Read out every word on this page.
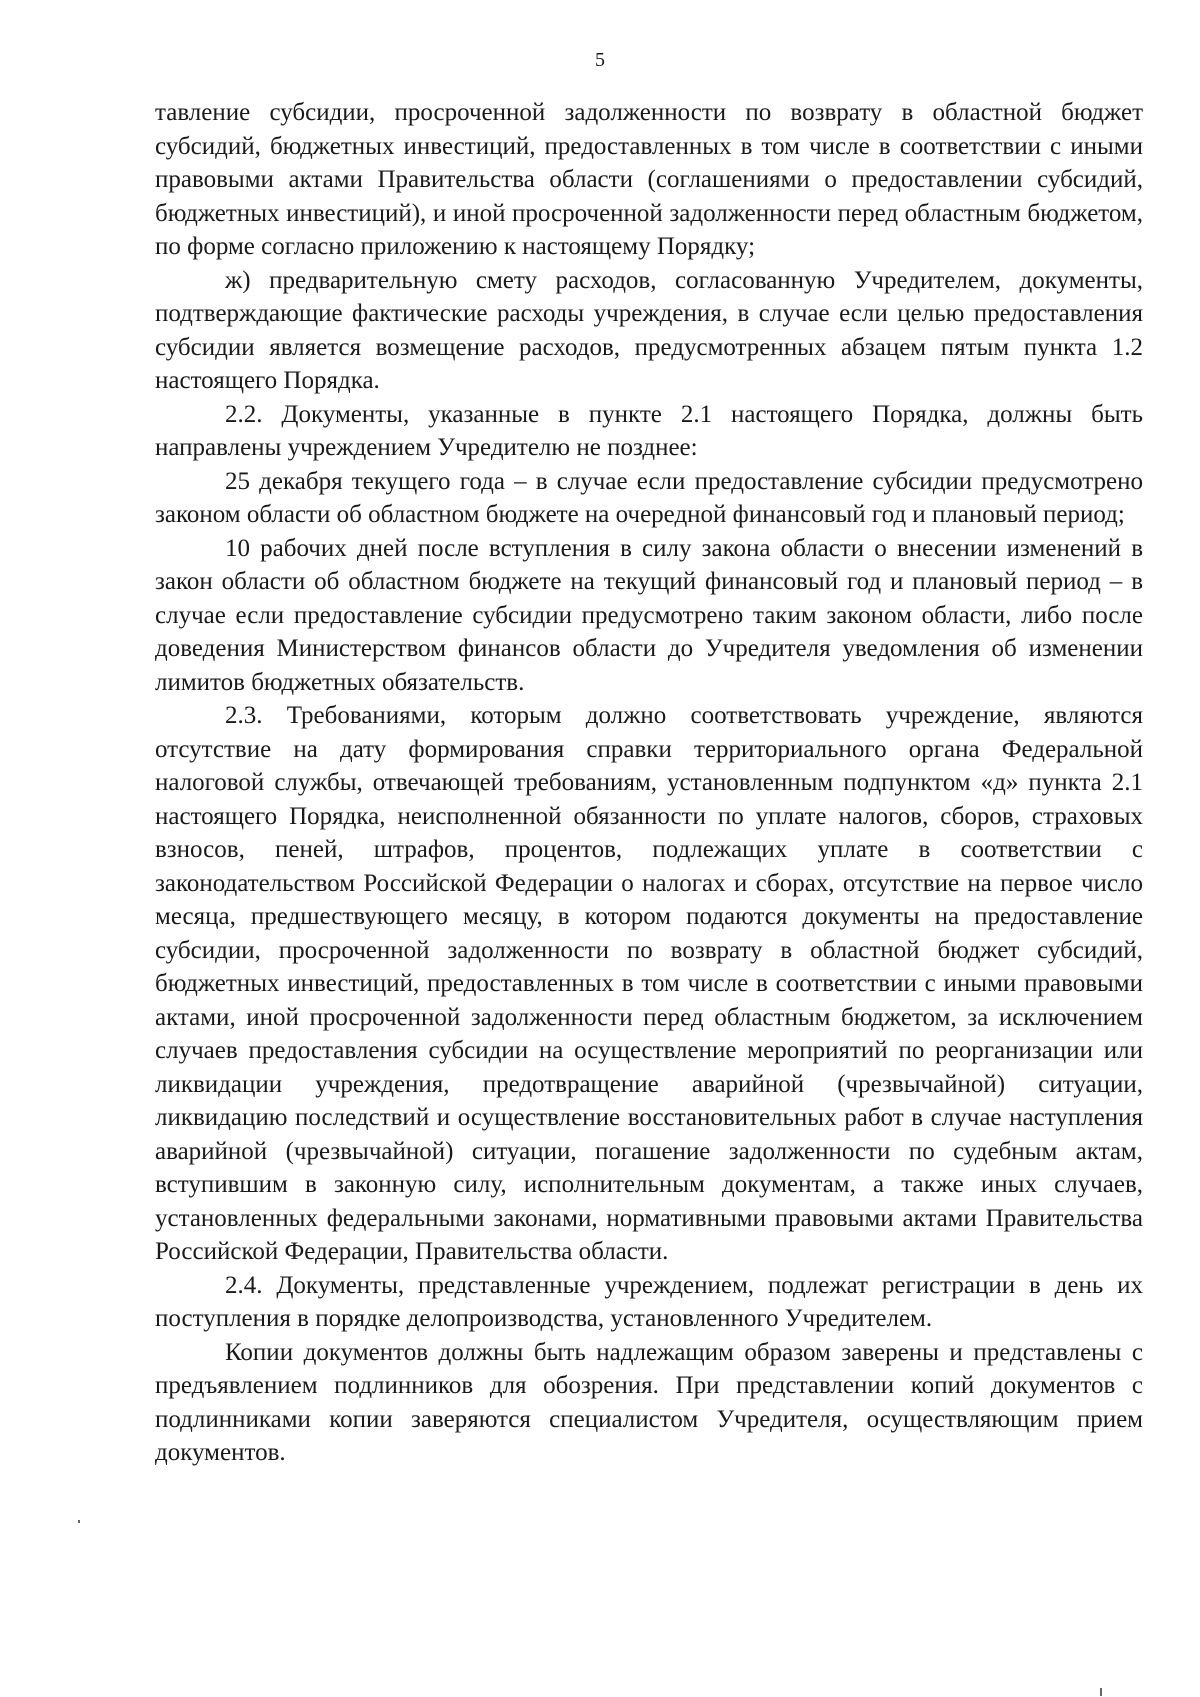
5

тавление субсидии, просроченной задолженности по возврату в областной бюджет субсидий, бюджетных инвестиций, предоставленных в том числе в соответствии с иными правовыми актами Правительства области (соглашениями о предоставлении субсидий, бюджетных инвестиций), и иной просроченной задолженности перед областным бюджетом, по форме согласно приложению к настоящему Порядку;

ж) предварительную смету расходов, согласованную Учредителем, документы, подтверждающие фактические расходы учреждения, в случае если целью предоставления субсидии является возмещение расходов, предусмотренных абзацем пятым пункта 1.2 настоящего Порядка.

2.2. Документы, указанные в пункте 2.1 настоящего Порядка, должны быть направлены учреждением Учредителю не позднее:

25 декабря текущего года – в случае если предоставление субсидии предусмотрено законом области об областном бюджете на очередной финансовый год и плановый период;

10 рабочих дней после вступления в силу закона области о внесении изменений в закон области об областном бюджете на текущий финансовый год и плановый период – в случае если предоставление субсидии предусмотрено таким законом области, либо после доведения Министерством финансов области до Учредителя уведомления об изменении лимитов бюджетных обязательств.

2.3. Требованиями, которым должно соответствовать учреждение, являются отсутствие на дату формирования справки территориального органа Федеральной налоговой службы, отвечающей требованиям, установленным подпунктом «д» пункта 2.1 настоящего Порядка, неисполненной обязанности по уплате налогов, сборов, страховых взносов, пеней, штрафов, процентов, подлежащих уплате в соответствии с законодательством Российской Федерации о налогах и сборах, отсутствие на первое число месяца, предшествующего месяцу, в котором подаются документы на предоставление субсидии, просроченной задолженности по возврату в областной бюджет субсидий, бюджетных инвестиций, предоставленных в том числе в соответствии с иными правовыми актами, иной просроченной задолженности перед областным бюджетом, за исключением случаев предоставления субсидии на осуществление мероприятий по реорганизации или ликвидации учреждения, предотвращение аварийной (чрезвычайной) ситуации, ликвидацию последствий и осуществление восстановительных работ в случае наступления аварийной (чрезвычайной) ситуации, погашение задолженности по судебным актам, вступившим в законную силу, исполнительным документам, а также иных случаев, установленных федеральными законами, нормативными правовыми актами Правительства Российской Федерации, Правительства области.

2.4. Документы, представленные учреждением, подлежат регистрации в день их поступления в порядке делопроизводства, установленного Учредителем.

Копии документов должны быть надлежащим образом заверены и представлены с предъявлением подлинников для обозрения. При представлении копий документов с подлинниками копии заверяются специалистом Учредителя, осуществляющим прием документов.
